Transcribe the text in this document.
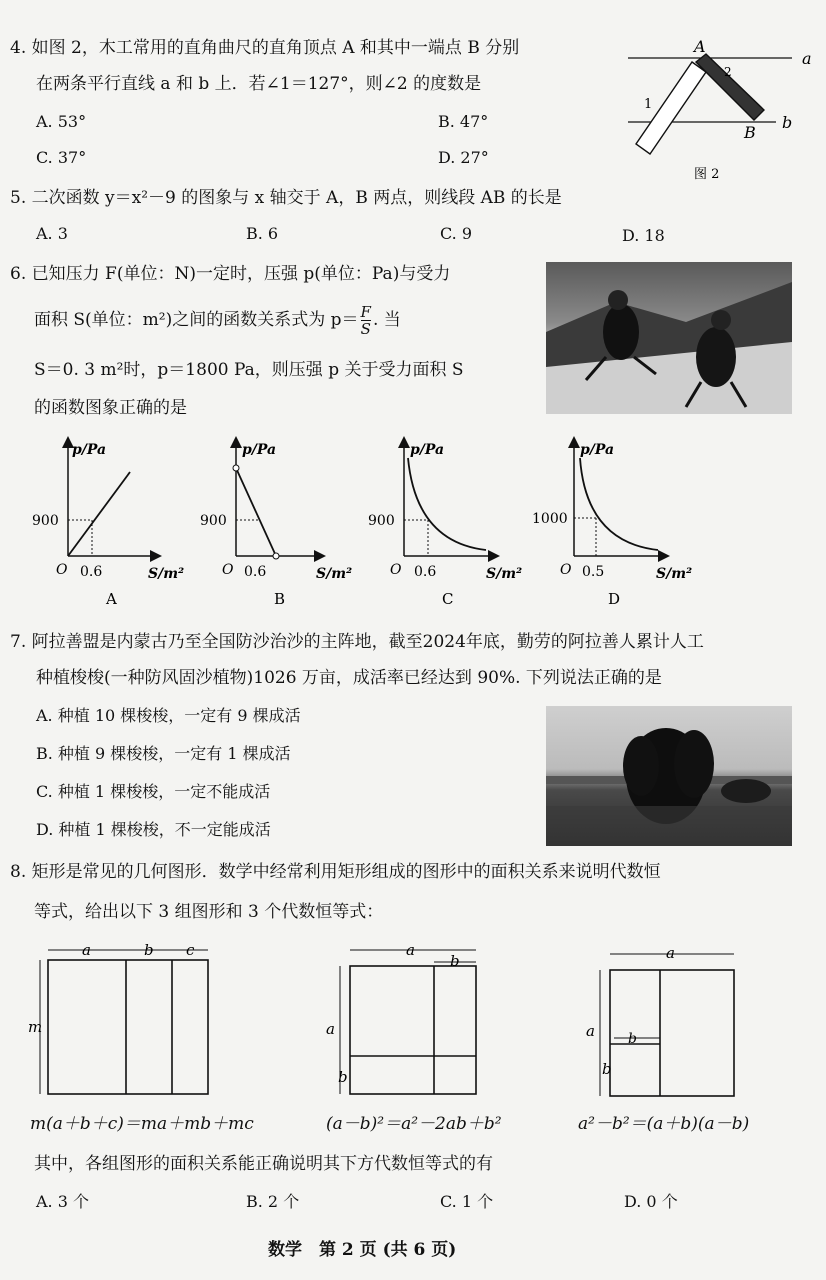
4. 如图 2，木工常用的直角曲尺的直角顶点 A 和其中一端点 B 分别
在两条平行直线 a 和 b 上．若∠1＝127°，则∠2 的度数是
A. 53°	B. 47°
C. 37°	D. 27°
A
B
a
b
1
2
图 2
5. 二次函数 y＝x²－9 的图象与 x 轴交于 A，B 两点，则线段 AB 的长是
A. 3	B. 6	C. 9	D. 18
6. 已知压力 F(单位：N)一定时，压强 p(单位：Pa)与受力
面积 S(单位：m²)之间的函数关系式为 $p= \frac{F}{S}$ . 当
S＝0. 3 m²时，p＝1800 Pa，则压强 p 关于受力面积 S
的函数图象正确的是
p/Pa
900
O 0.6	S/m²
A
p/Pa
900
O 0.6	S/m²
B
p/Pa
900
O 0.6	S/m²
C
p/Pa
1000
O 0.5	S/m²
D
7. 阿拉善盟是内蒙古乃至全国防沙治沙的主阵地，截至2024年底，勤劳的阿拉善人累计人工
种植梭梭(一种防风固沙植物)1026 万亩，成活率已经达到 90%. 下列说法正确的是
A. 种植 10 棵梭梭，一定有 9 棵成活
B. 种植 9 棵梭梭，一定有 1 棵成活
C. 种植 1 棵梭梭，一定不能成活
D. 种植 1 棵梭梭，不一定能成活
8. 矩形是常见的几何图形．数学中经常利用矩形组成的图形中的面积关系来说明代数恒
等式，给出以下 3 组图形和 3 个代数恒等式：
a	b c
m
m(a＋b＋c)＝ma＋mb＋mc
a
b
a
b
(a－b)²＝a²－2ab＋b²
a
b
a
b
a²－b²＝(a＋b)(a－b)
其中，各组图形的面积关系能正确说明其下方代数恒等式的有
A. 3 个	B. 2 个	C. 1 个	D. 0 个
数学　第 2 页 (共 6 页)
